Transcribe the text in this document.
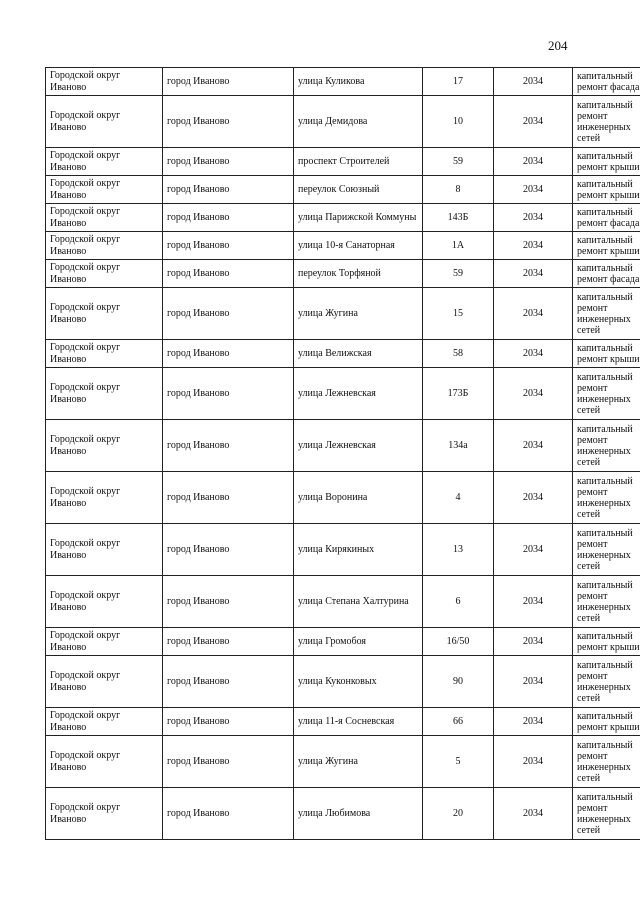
204
Городской округ Иваново	город Иваново	улица Куликова	17	2034	капитальный ремонт фасада
Городской округ Иваново	город Иваново	улица Демидова	10	2034	капитальный ремонт инженерных сетей
Городской округ Иваново	город Иваново	проспект Строителей	59	2034	капитальный ремонт крыши
Городской округ Иваново	город Иваново	переулок Союзный	8	2034	капитальный ремонт крыши
Городской округ Иваново	город Иваново	улица Парижской Коммуны	143Б	2034	капитальный ремонт фасада
Городской округ Иваново	город Иваново	улица 10-я Санаторная	1А	2034	капитальный ремонт крыши
Городской округ Иваново	город Иваново	переулок Торфяной	59	2034	капитальный ремонт фасада
Городской округ Иваново	город Иваново	улица Жугина	15	2034	капитальный ремонт инженерных сетей
Городской округ Иваново	город Иваново	улица Велижская	58	2034	капитальный ремонт крыши
Городской округ Иваново	город Иваново	улица Лежневская	173Б	2034	капитальный ремонт инженерных сетей
Городской округ Иваново	город Иваново	улица Лежневская	134а	2034	капитальный ремонт инженерных сетей
Городской округ Иваново	город Иваново	улица Воронина	4	2034	капитальный ремонт инженерных сетей
Городской округ Иваново	город Иваново	улица Кирякиных	13	2034	капитальный ремонт инженерных сетей
Городской округ Иваново	город Иваново	улица Степана Халтурина	6	2034	капитальный ремонт инженерных сетей
Городской округ Иваново	город Иваново	улица Громобоя	16/50	2034	капитальный ремонт крыши
Городской округ Иваново	город Иваново	улица Куконковых	90	2034	капитальный ремонт инженерных сетей
Городской округ Иваново	город Иваново	улица 11-я Сосневская	66	2034	капитальный ремонт крыши
Городской округ Иваново	город Иваново	улица Жугина	5	2034	капитальный ремонт инженерных сетей
Городской округ Иваново	город Иваново	улица Любимова	20	2034	капитальный ремонт инженерных сетей
